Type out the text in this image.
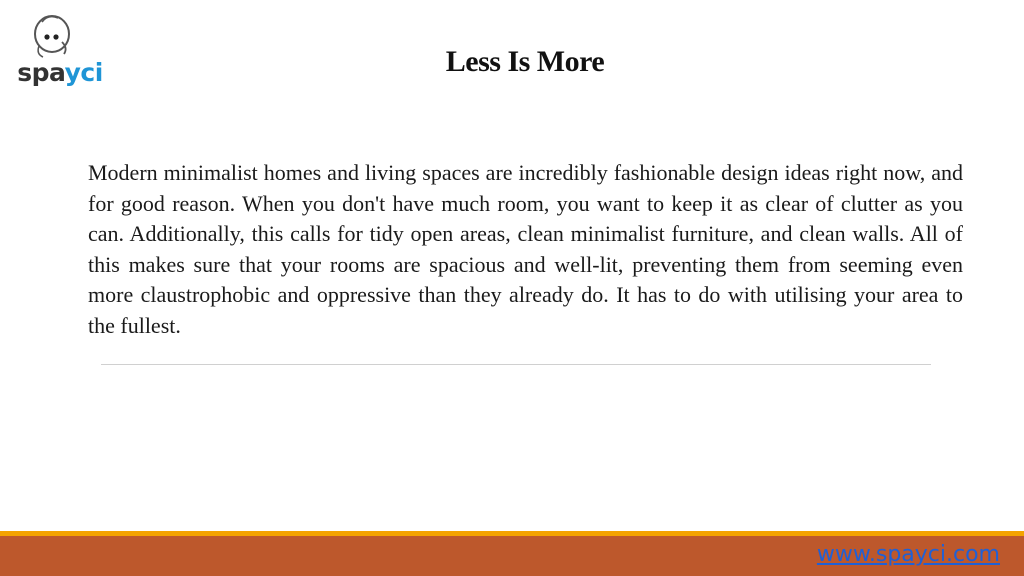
spayci	Less Is More

Modern minimalist homes and living spaces are incredibly fashionable design ideas right now, and for good reason. When you don't have much room, you want to keep it as clear of clutter as you can. Additionally, this calls for tidy open areas, clean minimalist furniture, and clean walls. All of this makes sure that your rooms are spacious and well-lit, preventing them from seeming even more claustrophobic and oppressive than they already do. It has to do with utilising your area to the fullest.

www.spayci.com
